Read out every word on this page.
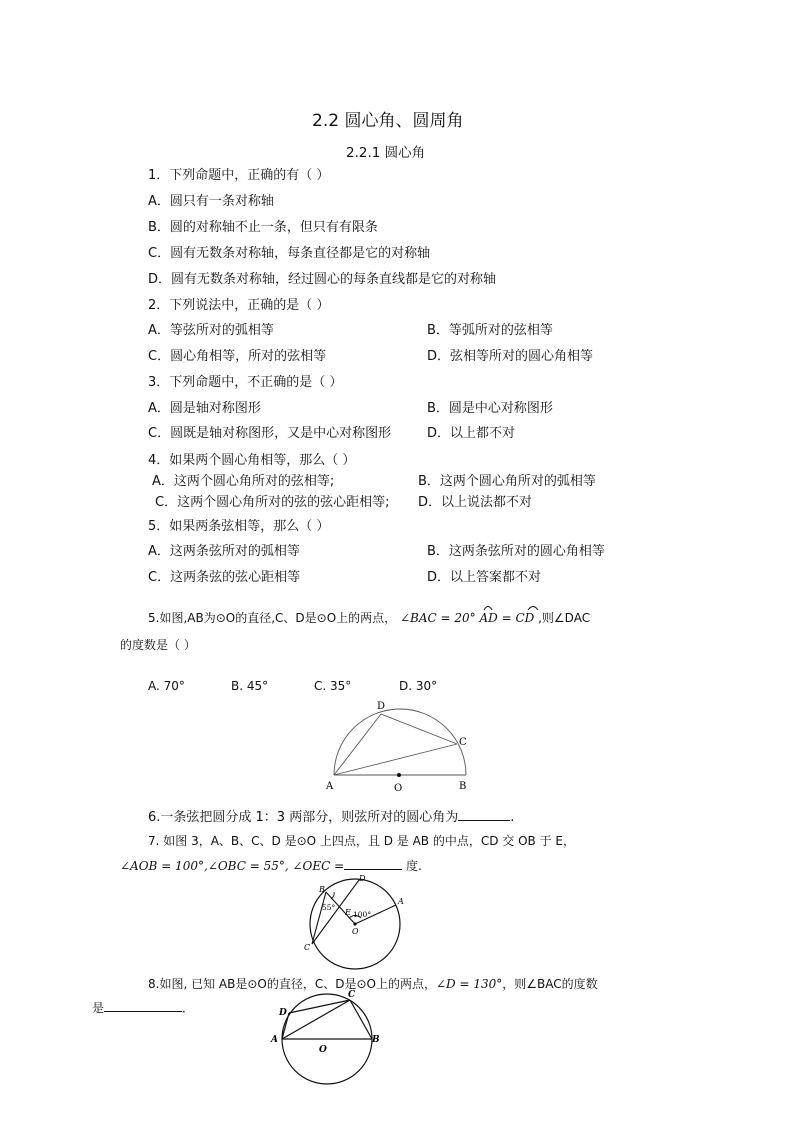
2.2 圆心角、圆周角
2.2.1 圆心角
1．下列命题中，正确的有（ ）
A．圆只有一条对称轴
B．圆的对称轴不止一条，但只有有限条
C．圆有无数条对称轴，每条直径都是它的对称轴
D．圆有无数条对称轴，经过圆心的每条直线都是它的对称轴
2．下列说法中，正确的是（ ）
A．等弦所对的弧相等	B．等弧所对的弦相等
C．圆心角相等，所对的弦相等	D．弦相等所对的圆心角相等
3．下列命题中，不正确的是（ ）
A．圆是轴对称图形	B．圆是中心对称图形
C．圆既是轴对称图形，又是中心对称图形	D．以上都不对
4．如果两个圆心角相等，那么（ ）
A．这两个圆心角所对的弦相等;	B．这两个圆心角所对的弧相等
C．这两个圆心角所对的弦的弦心距相等; D．以上说法都不对
5．如果两条弦相等，那么（ ）
A．这两条弦所对的弧相等	B．这两条弦所对的圆心角相等
C．这两条弦的弦心距相等	D．以上答案都不对
5.如图,AB为⊙O的直径,C、D是⊙O上的两点， ∠BAC = 20° AD = CD ,则∠DAC
的度数是（ ）
A. 70°	B. 45°	C. 35°	D. 30°
D
C
A	B
O
6.一条弦把圆分成 1：3 两部分，则弦所对的圆心角为	.
7. 如图 3，A、B、C、D 是⊙O 上四点，且 D 是 AB 的中点，CD 交 OB 于 E，
∠AOB = 100°,∠OBC = 55°, ∠OEC =	度.
B
D
A
C
E
O
55°
100°
8.如图, 已知 AB是⊙O的直径，C、D是⊙O上的两点，∠D = 130°，则∠BAC的度数
是	．
C
D
A	B
O
